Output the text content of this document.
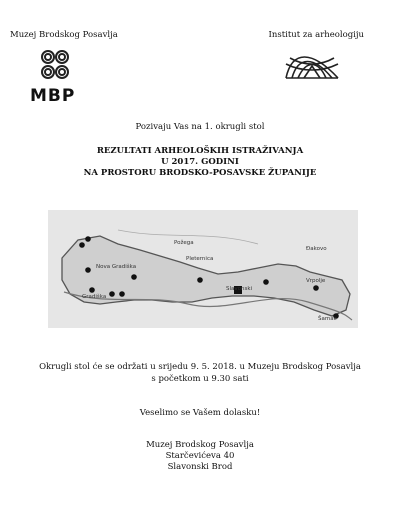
Muzej Brodskog Posavlja	Institut za arheologiju
MBP
Pozivaju Vas na 1. okrugli stol
REZULTATI ARHEOLOŠKIH ISTRAŽIVANJA
U 2017. GODINI
NA PROSTORU BRODSKO-POSAVSKE ŽUPANIJE
Požega
Pleternica
Đakovo
Nova Gradiška
Gradiška
Vrpolje
Slavonski
Šamac
Okrugli stol će se održati u srijedu 9. 5. 2018. u Muzeju Brodskog Posavlja
s početkom u 9.30 sati
Veselimo se Vašem dolasku!
Muzej Brodskog Posavlja
Starčevićeva 40
Slavonski Brod
